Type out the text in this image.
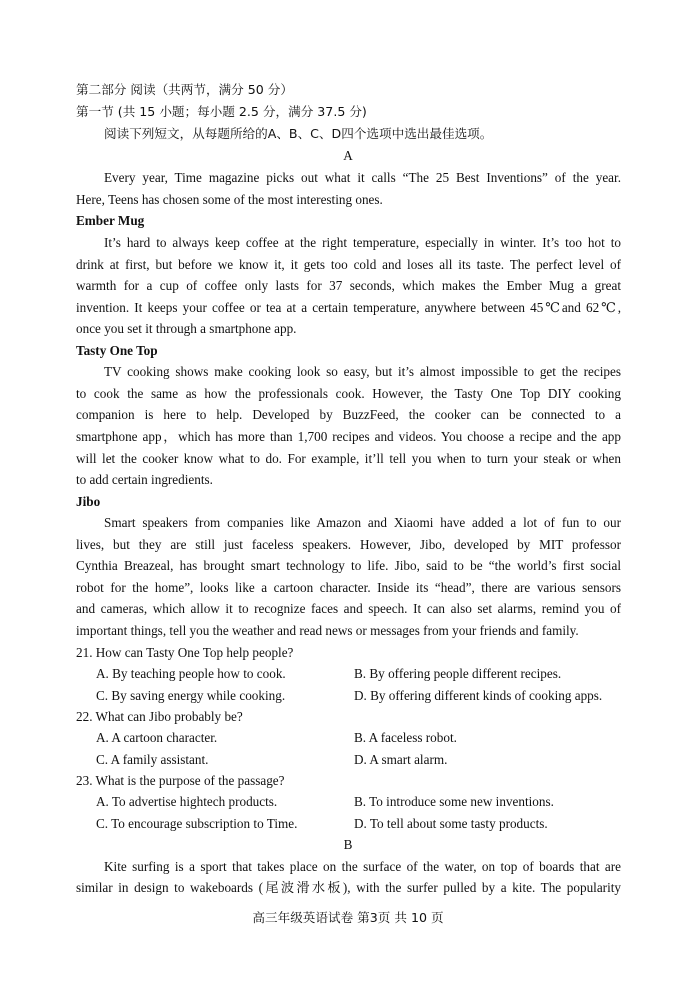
第二部分 阅读（共两节，满分 50 分）
第一节 (共 15 小题；每小题 2.5 分，满分 37.5 分)
阅读下列短文，从每题所给的A、B、C、D四个选项中选出最佳选项。
A
Every year, Time magazine picks out what it calls “The 25 Best Inventions” of the year.
Here, Teens has chosen some of the most interesting ones.
Ember Mug
It’s hard to always keep coffee at the right temperature, especially in winter. It’s too hot to
drink at first, but before we know it, it gets too cold and loses all its taste. The perfect level of
warmth for a cup of coffee only lasts for 37 seconds, which makes the Ember Mug a great
invention. It keeps your coffee or tea at a certain temperature, anywhere between 45℃and 62℃,
once you set it through a smartphone app.
Tasty One Top
TV cooking shows make cooking look so easy, but it’s almost impossible to get the recipes
to cook the same as how the professionals cook. However, the Tasty One Top DIY cooking
companion is here to help. Developed by BuzzFeed, the cooker can be connected to a
smartphone app，which has more than 1,700 recipes and videos. You choose a recipe and the app
will let the cooker know what to do. For example, it’ll tell you when to turn your steak or when
to add certain ingredients.
Jibo
Smart speakers from companies like Amazon and Xiaomi have added a lot of fun to our
lives, but they are still just faceless speakers. However, Jibo, developed by MIT professor
Cynthia Breazeal, has brought smart technology to life. Jibo, said to be “the world’s first social
robot for the home”, looks like a cartoon character. Inside its “head”, there are various sensors
and cameras, which allow it to recognize faces and speech. It can also set alarms, remind you of
important things, tell you the weather and read news or messages from your friends and family.
21. How can Tasty One Top help people?
A. By teaching people how to cook.	B. By offering people different recipes.
C. By saving energy while cooking.	D. By offering different kinds of cooking apps.
22. What can Jibo probably be?
A. A cartoon character.	B. A faceless robot.
C. A family assistant.	D. A smart alarm.
23. What is the purpose of the passage?
A. To advertise hightech products.	B. To introduce some new inventions.
C. To encourage subscription to Time.	D. To tell about some tasty products.
B
Kite surfing is a sport that takes place on the surface of the water, on top of boards that are
similar in design to wakeboards (尾波滑水板), with the surfer pulled by a kite. The popularity
高三年级英语试卷 第3页 共 10 页
